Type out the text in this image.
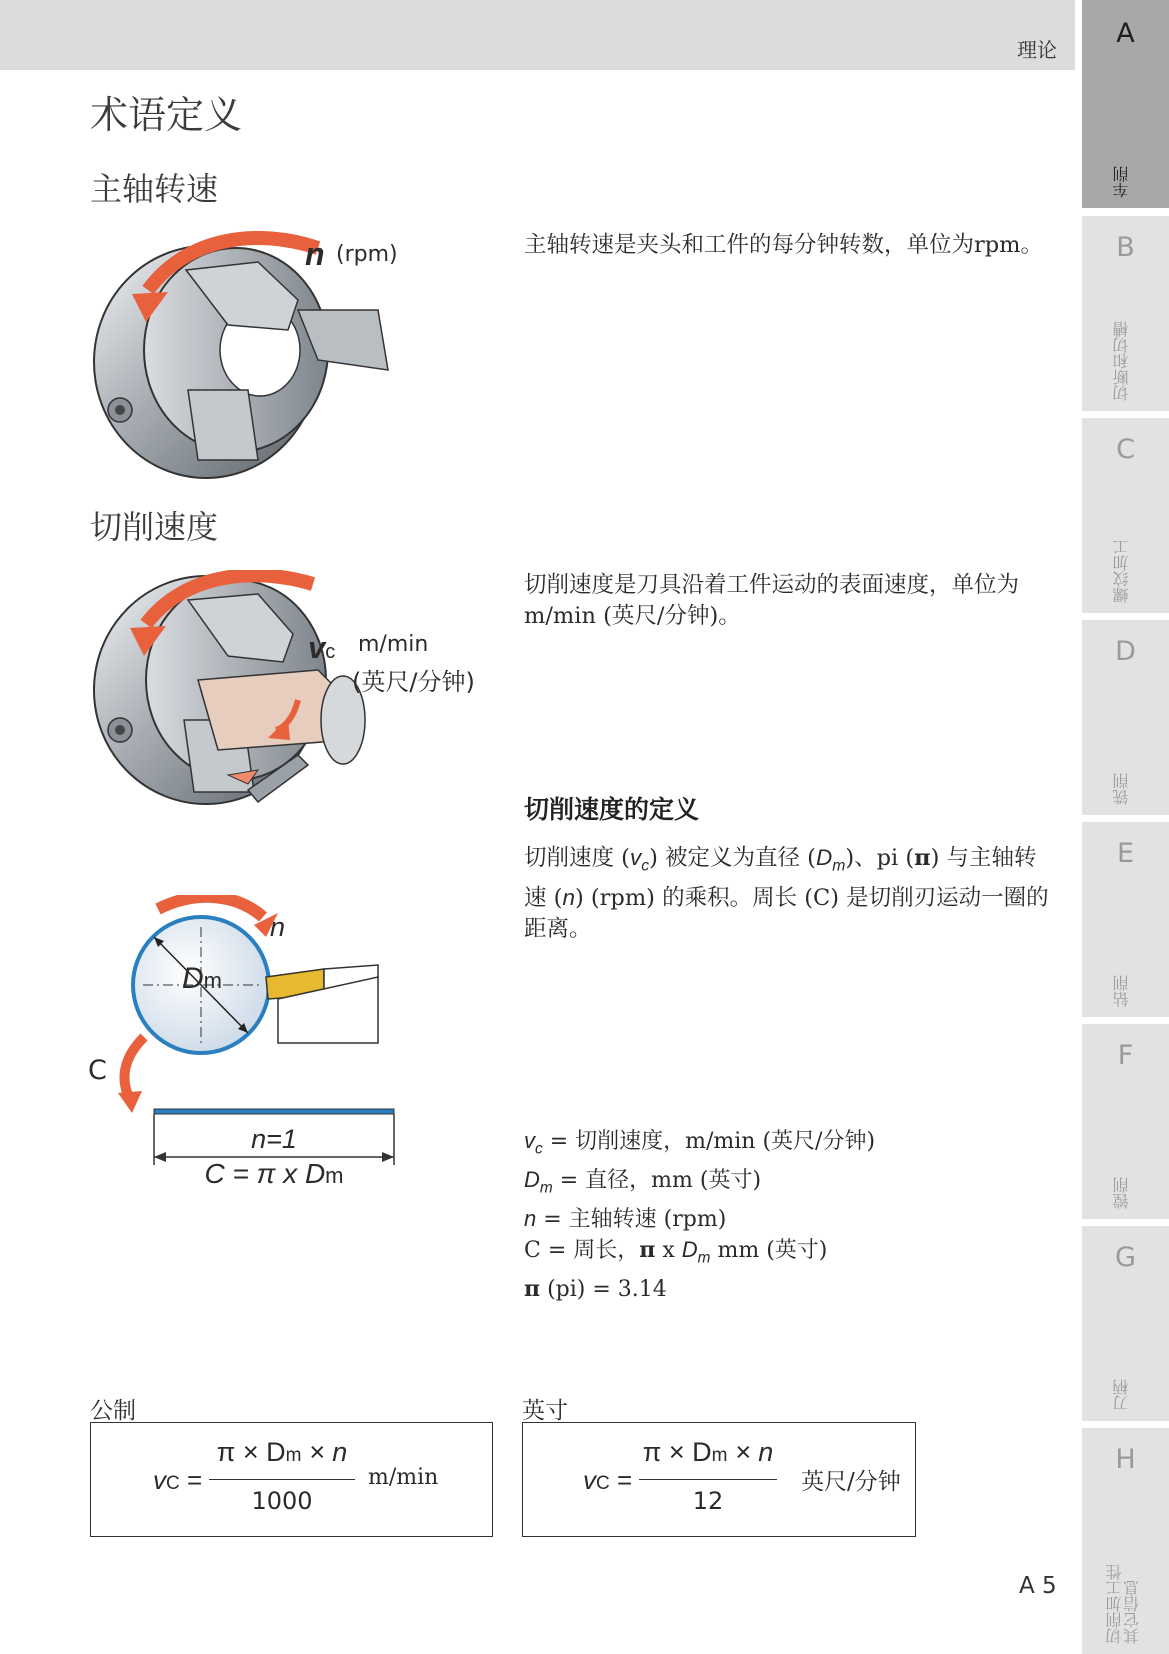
理论
A
车削
B
切断和切槽
C
螺纹加工
D
铣削
E
钻削
F
镗削
G
刀柄
H
切削加工性
其它信息
术语定义
主轴转速
n (rpm)	主轴转速是夹头和工件的每分钟转数，单位为rpm。
切削速度
vc m/min
(英尺/分钟)
切削速度是刀具沿着工件运动的表面速度，单位为m/min (英尺/分钟)。
切削速度的定义
切削速度 $(v_c)$ 被定义为直径 $(D_m)$、pi (π) 与主轴转速 (n) (rpm) 的乘积。周长 (C) 是切削刃运动一圈的距离。
Dm
n
C
n=1
C = π x Dm
$v_c$ = 切削速度，m/min (英尺/分钟)
$D_m$ = 直径，mm (英寸)
n = 主轴转速 (rpm)
C = 周长，π x $D_m$ mm (英寸)
π (pi) = 3.14
公制
vC =
π × Dm × n
1000
m/min
英寸
vC =
π × Dm × n
12
英尺/分钟
A 5
